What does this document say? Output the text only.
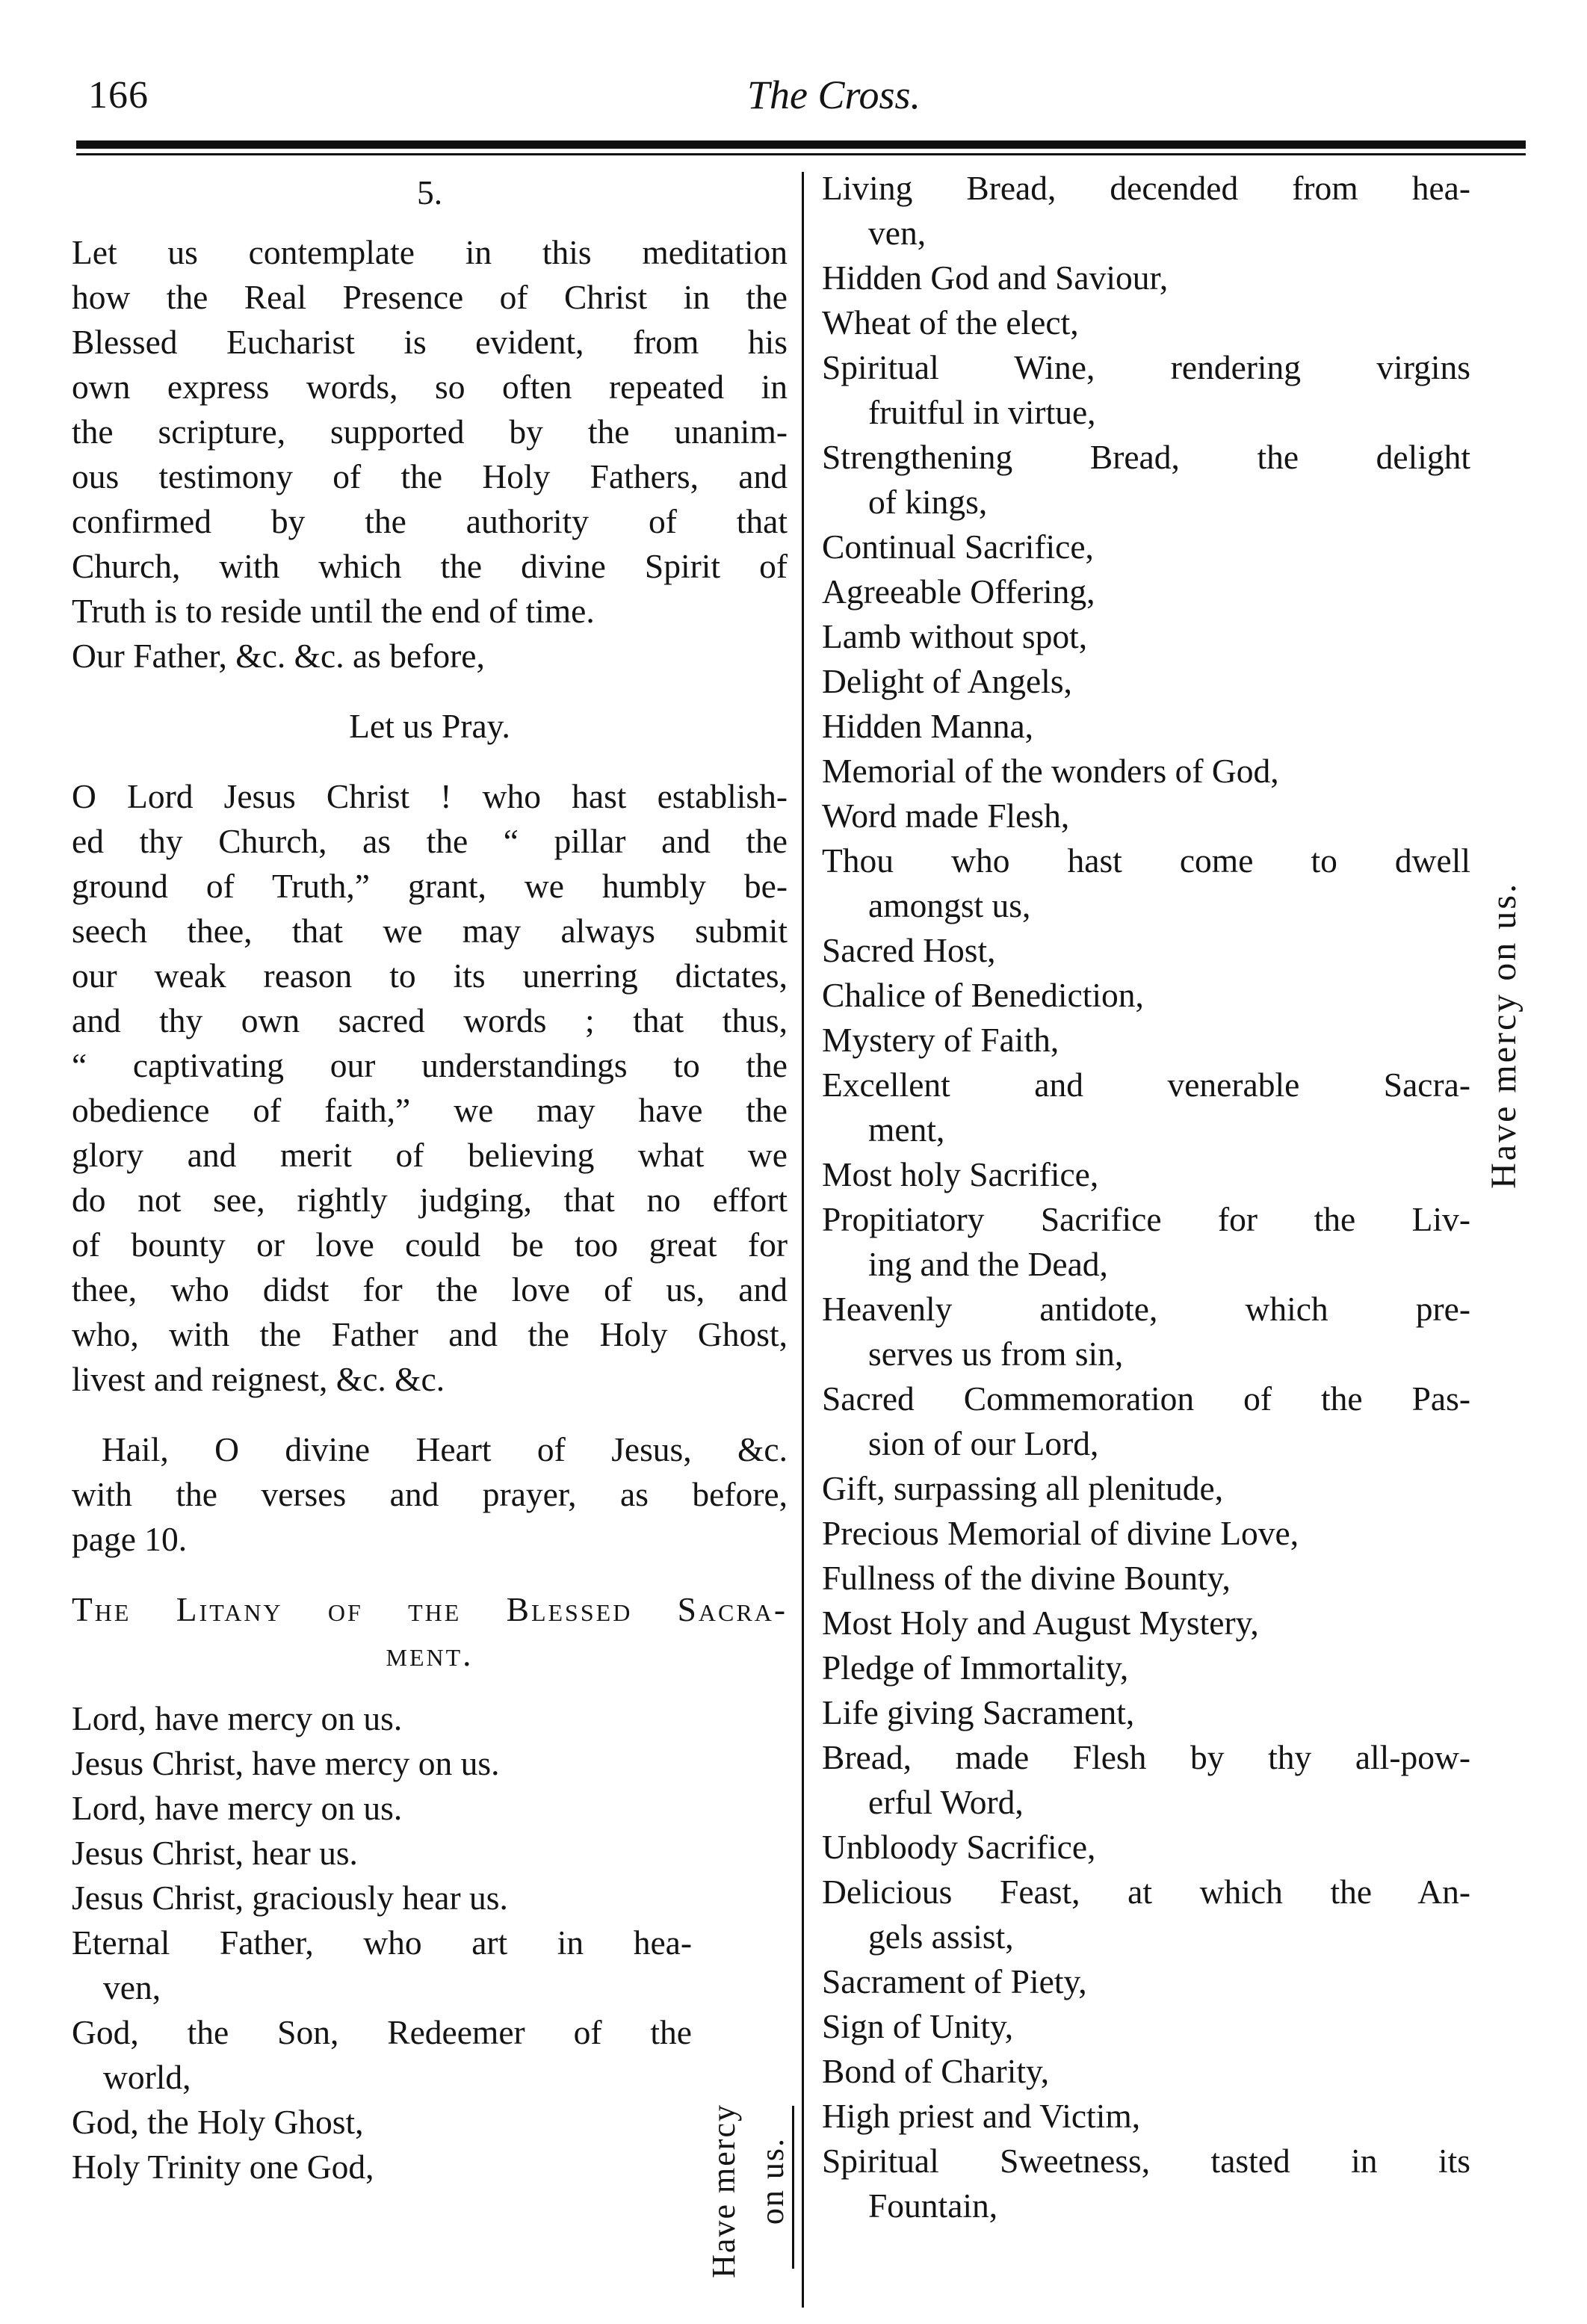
166	The Cross.
5.

Let us contemplate in this meditation

how the Real Presence of Christ in the

Blessed Eucharist is evident, from his

own express words, so often repeated in

the scripture, supported by the unanim-

ous testimony of the Holy Fathers, and

confirmed by the authority of that

Church, with which the divine Spirit of

Truth is to reside until the end of time.

Our Father, &c. &c. as before,

Let us Pray.

O Lord Jesus Christ ! who hast establish-

ed thy Church, as the “ pillar and the

ground of Truth,” grant, we humbly be-

seech thee, that we may always submit

our weak reason to its unerring dictates,

and thy own sacred words ; that thus,

“ captivating our understandings to the

obedience of faith,” we may have the

glory and merit of believing what we

do not see, rightly judging, that no effort

of bounty or love could be too great for

thee, who didst for the love of us, and

who, with the Father and the Holy Ghost,

livest and reignest, &c. &c.

Hail, O divine Heart of Jesus, &c.

with the verses and prayer, as before,

page 10.

The Litany of the Blessed Sacra-

ment.

Lord, have mercy on us.

Jesus Christ, have mercy on us.

Lord, have mercy on us.

Jesus Christ, hear us.

Jesus Christ, graciously hear us.

Eternal Father, who art in hea-

ven,

God, the Son, Redeemer of the

world,

God, the Holy Ghost,

Holy Trinity one God,	Have mercy on us.

Living Bread, decended from hea-

ven,

Hidden God and Saviour,

Wheat of the elect,

Spiritual Wine, rendering virgins

fruitful in virtue,

Strengthening Bread, the delight

of kings,

Continual Sacrifice,

Agreeable Offering,

Lamb without spot,

Delight of Angels,

Hidden Manna,

Memorial of the wonders of God,

Word made Flesh,

Thou who hast come to dwell

amongst us,

Sacred Host,

Chalice of Benediction,

Mystery of Faith,

Excellent and venerable Sacra-

ment,

Most holy Sacrifice,

Propitiatory Sacrifice for the Liv-

ing and the Dead,

Heavenly antidote, which pre-

serves us from sin,

Sacred Commemoration of the Pas-

sion of our Lord,

Gift, surpassing all plenitude,

Precious Memorial of divine Love,

Fullness of the divine Bounty,

Most Holy and August Mystery,

Pledge of Immortality,

Life giving Sacrament,

Bread, made Flesh by thy all-pow-

erful Word,

Unbloody Sacrifice,

Delicious Feast, at which the An-

gels assist,

Sacrament of Piety,

Sign of Unity,

Bond of Charity,

High priest and Victim,

Spiritual Sweetness, tasted in its

Fountain,

Have mercy on us.
